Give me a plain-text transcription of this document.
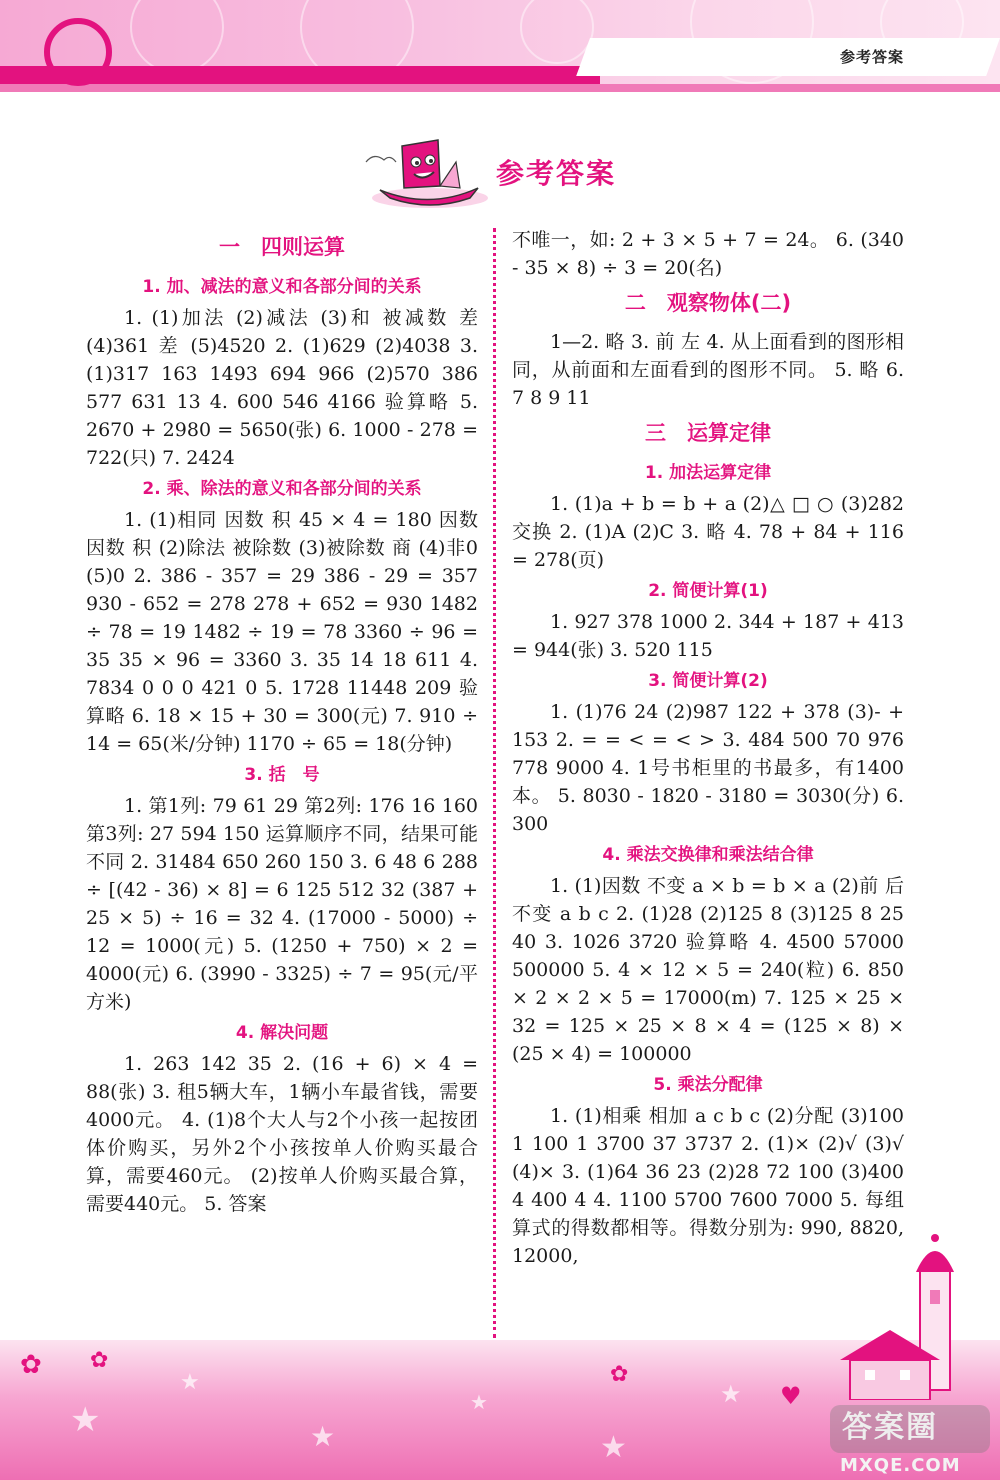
参考答案
参考答案
一　四则运算
1. 加、减法的意义和各部分间的关系
1. (1)加法 (2)减法 (3)和 被减数 差 (4)361 差 (5)4520 2. (1)629 (2)4038 3. (1)317 163 1493 694 966 (2)570 386 577 631 13 4. 600 546 4166 验算略 5. 2670 + 2980 = 5650(张) 6. 1000 - 278 = 722(只) 7. 2424
2. 乘、除法的意义和各部分间的关系
1. (1)相同 因数 积 45 × 4 = 180 因数 因数 积 (2)除法 被除数 (3)被除数 商 (4)非0 (5)0 2. 386 - 357 = 29 386 - 29 = 357 930 - 652 = 278 278 + 652 = 930 1482 ÷ 78 = 19 1482 ÷ 19 = 78 3360 ÷ 96 = 35 35 × 96 = 3360 3. 35 14 18 611 4. 7834 0 0 0 421 0 5. 1728 11448 209 验算略 6. 18 × 15 + 30 = 300(元) 7. 910 ÷ 14 = 65(米/分钟) 1170 ÷ 65 = 18(分钟)
3. 括　号
1. 第1列: 79 61 29 第2列: 176 16 160 第3列: 27 594 150 运算顺序不同，结果可能不同 2. 31484 650 260 150 3. 6 48 6 288 ÷ [(42 - 36) × 8] = 6 125 512 32 (387 + 25 × 5) ÷ 16 = 32 4. (17000 - 5000) ÷ 12 = 1000(元) 5. (1250 + 750) × 2 = 4000(元) 6. (3990 - 3325) ÷ 7 = 95(元/平方米)
4. 解决问题
1. 263 142 35 2. (16 + 6) × 4 = 88(张) 3. 租5辆大车，1辆小车最省钱，需要4000元。 4. (1)8个大人与2个小孩一起按团体价购买，另外2个小孩按单人价购买最合算，需要460元。 (2)按单人价购买最合算，需要440元。 5. 答案
不唯一，如: 2 + 3 × 5 + 7 = 24。 6. (340 - 35 × 8) ÷ 3 = 20(名)
二　观察物体(二)
1—2. 略 3. 前 左 4. 从上面看到的图形相同，从前面和左面看到的图形不同。 5. 略 6. 7 8 9 11
三　运算定律
1. 加法运算定律
1. (1)a + b = b + a (2)△ □ ○ (3)282 交换 2. (1)A (2)C 3. 略 4. 78 + 84 + 116 = 278(页)
2. 简便计算(1)
1. 927 378 1000 2. 344 + 187 + 413 = 944(张) 3. 520 115
3. 简便计算(2)
1. (1)76 24 (2)987 122 + 378 (3)- + 153 2. = = < = < > 3. 484 500 70 976 778 9000 4. 1号书柜里的书最多，有1400本。 5. 8030 - 1820 - 3180 = 3030(分) 6. 300
4. 乘法交换律和乘法结合律
1. (1)因数 不变 a × b = b × a (2)前 后 不变 a b c 2. (1)28 (2)125 8 (3)125 8 25 40 3. 1026 3720 验算略 4. 4500 57000 500000 5. 4 × 12 × 5 = 240(粒) 6. 850 × 2 × 2 × 5 = 17000(m) 7. 125 × 25 × 32 = 125 × 25 × 8 × 4 = (125 × 8) × (25 × 4) = 100000
5. 乘法分配律
1. (1)相乘 相加 a c b c (2)分配 (3)100 1 100 1 3700 37 3737 2. (1)× (2)√ (3)√ (4)× 3. (1)64 36 23 (2)28 72 100 (3)400 4 400 4 4. 1100 5700 7600 7000 5. 每组算式的得数都相等。得数分别为: 990, 8820, 12000,
★
★
★
★
★
★
✿ ✿
✿
♥
答案圈
MXQE.COM
